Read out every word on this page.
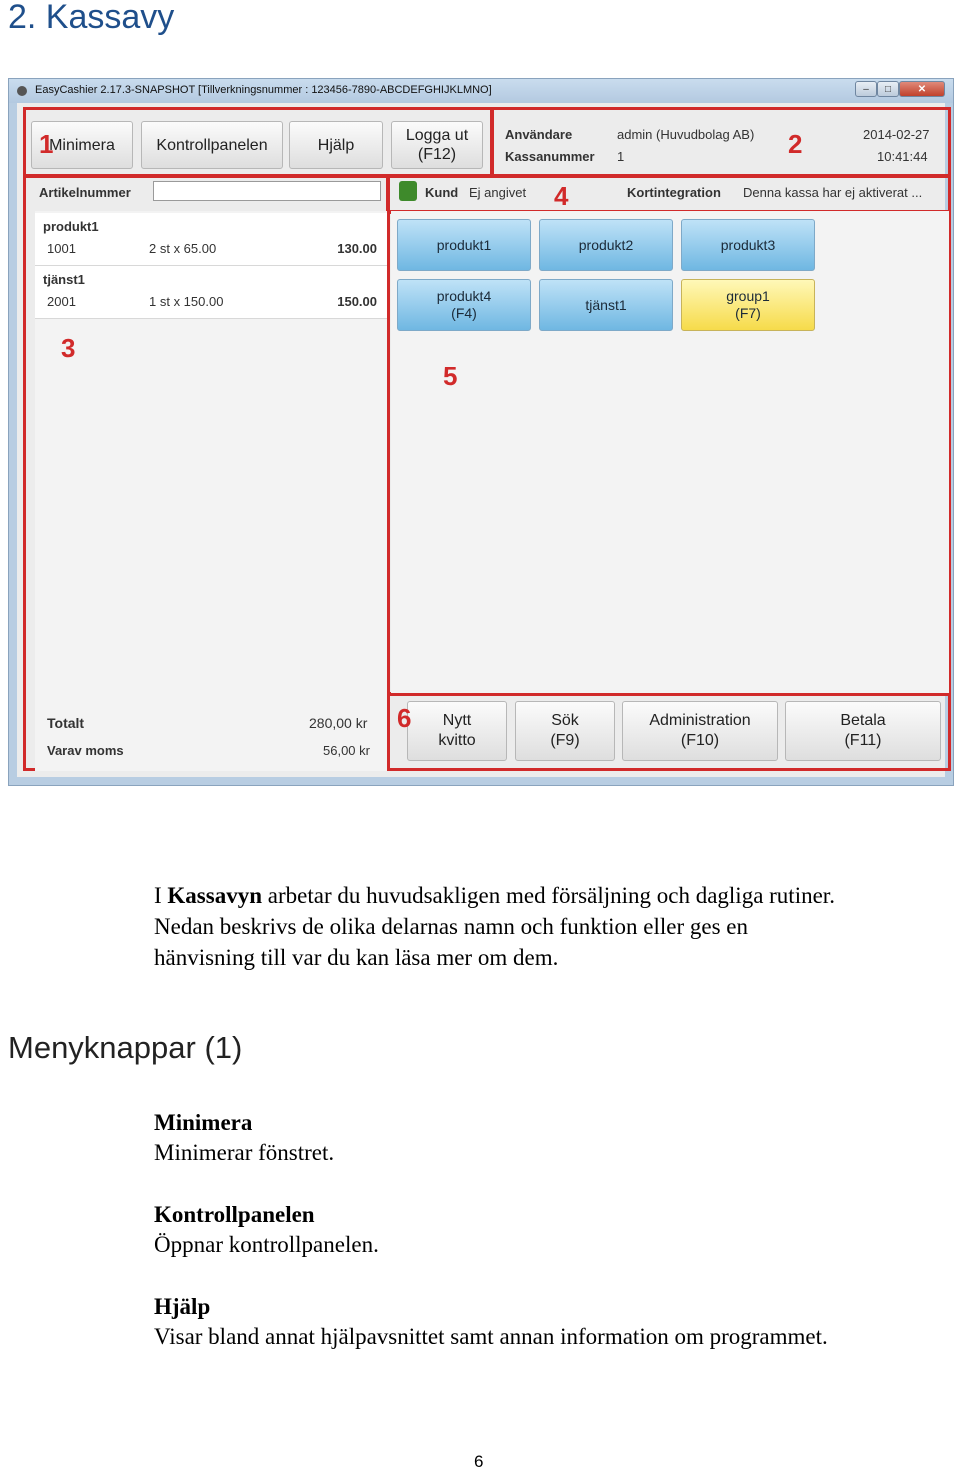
2. Kassavy
EasyCashier 2.17.3-SNAPSHOT [Tillverkningsnummer : 123456-7890-ABCDEFGHIJKLMNO]	–	□	✕
Minimera	Kontrollpanelen	Hjälp
Logga ut
(F12)
Användare	admin (Huvudbolag AB)
Kassanummer 1
2014-02-27
10:41:44
Artikelnummer	Kund Ej angivet	Kortintegration Denna kassa har ej aktiverat ...
produkt1
1001	2 st x 65.00	130.00
tjänst1
2001	1 st x 150.00	150.00
produkt1	produkt2	produkt3
produkt4
(F4)
tjänst1
group1
(F7)
Totalt	280,00 kr
Varav moms	56,00 kr
Nytt
kvitto
Sök
(F9)
Administration
(F10)
Betala
(F11)
1	2
3
4
5
6
I Kassavyn arbetar du huvudsakligen med försäljning och dagliga rutiner.
Nedan beskrivs de olika delarnas namn och funktion eller ges en
hänvisning till var du kan läsa mer om dem.
Menyknappar (1)
Minimera
Minimerar fönstret.
Kontrollpanelen
Öppnar kontrollpanelen.
Hjälp
Visar bland annat hjälpavsnittet samt annan information om programmet.
6
